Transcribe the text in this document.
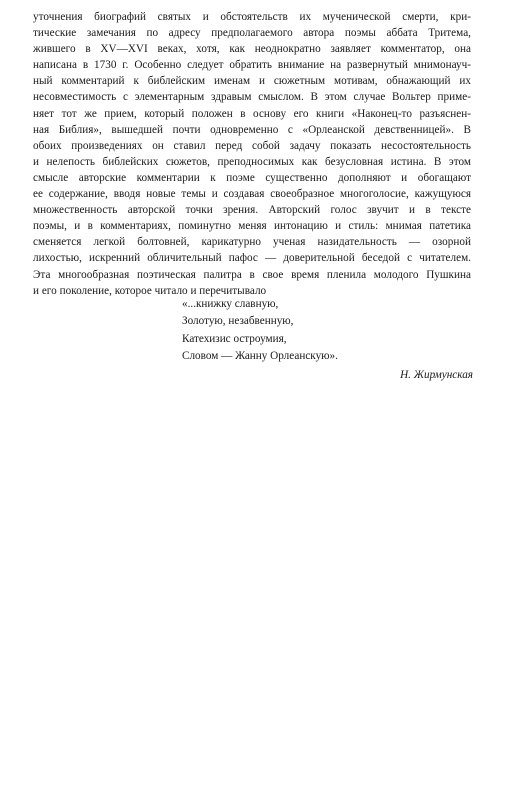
уточнения биографий святых и обстоятельств их мученической смерти, кри-
тические замечания по адресу предполагаемого автора поэмы аббата Тритема,
жившего в XV—XVI веках, хотя, как неоднократно заявляет комментатор, она
написана в 1730 г. Особенно следует обратить внимание на развернутый мнимонауч-
ный комментарий к библейским именам и сюжетным мотивам, обнажающий их
несовместимость с элементарным здравым смыслом. В этом случае Вольтер приме-
няет тот же прием, который положен в основу его книги «Наконец-то разъяснен-
ная Библия», вышедшей почти одновременно с «Орлеанской девственницей». В
обоих произведениях он ставил перед собой задачу показать несостоятельность
и нелепость библейских сюжетов, преподносимых как безусловная истина. В этом
смысле авторские комментарии к поэме существенно дополняют и обогащают
ее содержание, вводя новые темы и создавая своеобразное многоголосие, кажущуюся
множественность авторской точки зрения. Авторский голос звучит и в тексте
поэмы, и в комментариях, поминутно меняя интонацию и стиль: мнимая патетика
сменяется легкой болтовней, карикатурно ученая назидательность — озорной
лихостью, искренний обличительный пафос — доверительной беседой с читателем.
Эта многообразная поэтическая палитра в свое время пленила молодого Пушкина
и его поколение, которое читало и перечитывало
«...книжку славную,
Золотую, незабвенную,
Катехизис остроумия,
Словом — Жанну Орлеанскую».
Н. Жирмунская
